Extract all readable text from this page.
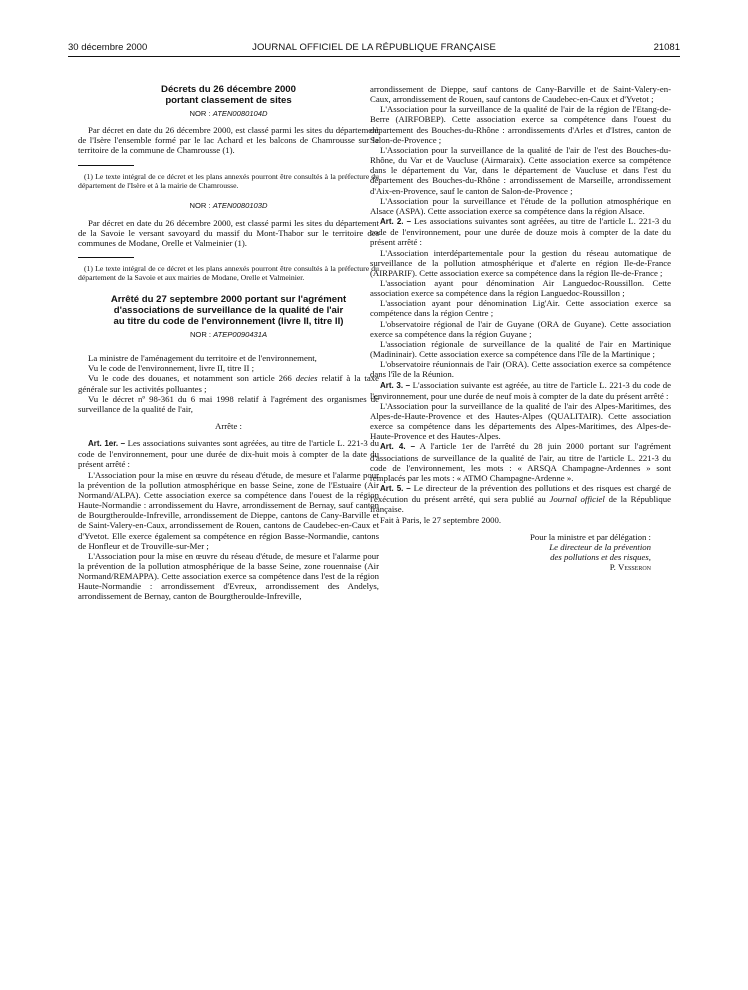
30 décembre 2000	JOURNAL OFFICIEL DE LA RÉPUBLIQUE FRANÇAISE	21081

Décrets du 26 décembre 2000

portant classement de sites

NOR : ATEN0080104D

Par décret en date du 26 décembre 2000, est classé parmi les sites du département de l'Isère l'ensemble formé par le lac Achard et les balcons de Chamrousse sur le territoire de la commune de Chamrousse (1).

(1) Le texte intégral de ce décret et les plans annexés pourront être consultés à la préfecture du département de l'Isère et à la mairie de Chamrousse.

NOR : ATEN0080103D

Par décret en date du 26 décembre 2000, est classé parmi les sites du département de la Savoie le versant savoyard du massif du Mont-Thabor sur le territoire des communes de Modane, Orelle et Valmeinier (1).

(1) Le texte intégral de ce décret et les plans annexés pourront être consultés à la préfecture du département de la Savoie et aux mairies de Modane, Orelle et Valmeinier.

Arrêté du 27 septembre 2000 portant sur l'agrément

d'associations de surveillance de la qualité de l'air

au titre du code de l'environnement (livre II, titre II)

NOR : ATEP0090431A

La ministre de l'aménagement du territoire et de l'environnement,

Vu le code de l'environnement, livre II, titre II ;

Vu le code des douanes, et notamment son article 266 decies relatif à la taxe générale sur les activités polluantes ;

Vu le décret nº 98-361 du 6 mai 1998 relatif à l'agrément des organismes de surveillance de la qualité de l'air,

Arrête :

Art. 1er. – Les associations suivantes sont agréées, au titre de l'article L. 221-3 du code de l'environnement, pour une durée de dix-huit mois à compter de la date du présent arrêté :

L'Association pour la mise en œuvre du réseau d'étude, de mesure et l'alarme pour la prévention de la pollution atmosphérique en basse Seine, zone de l'Estuaire (Air Normand/ALPA). Cette association exerce sa compétence dans l'ouest de la région Haute-Normandie : arrondissement du Havre, arrondissement de Bernay, sauf canton de Bourgtheroulde-Infreville, arrondissement de Dieppe, cantons de Cany-Barville et de Saint-Valery-en-Caux, arrondissement de Rouen, cantons de Caudebec-en-Caux et d'Yvetot. Elle exerce également sa compétence en région Basse-Normandie, cantons de Honfleur et de Trouville-sur-Mer ;

L'Association pour la mise en œuvre du réseau d'étude, de mesure et l'alarme pour la prévention de la pollution atmosphérique de la basse Seine, zone rouennaise (Air Normand/REMAPPA). Cette association exerce sa compétence dans l'est de la région Haute-Normandie : arrondissement d'Evreux, arrondissement des Andelys, arrondissement de Bernay, canton de Bourgtheroulde-Infreville,

arrondissement de Dieppe, sauf cantons de Cany-Barville et de Saint-Valery-en-Caux, arrondissement de Rouen, sauf cantons de Caudebec-en-Caux et d'Yvetot ;

L'Association pour la surveillance de la qualité de l'air de la région de l'Etang-de-Berre (AIRFOBEP). Cette association exerce sa compétence dans l'ouest du département des Bouches-du-Rhône : arrondissements d'Arles et d'Istres, canton de Salon-de-Provence ;

L'Association pour la surveillance de la qualité de l'air de l'est des Bouches-du-Rhône, du Var et de Vaucluse (Airmaraix). Cette association exerce sa compétence dans le département du Var, dans le département de Vaucluse et dans l'est du département des Bouches-du-Rhône : arrondissement de Marseille, arrondissement d'Aix-en-Provence, sauf le canton de Salon-de-Provence ;

L'Association pour la surveillance et l'étude de la pollution atmosphérique en Alsace (ASPA). Cette association exerce sa compétence dans la région Alsace.

Art. 2. – Les associations suivantes sont agréées, au titre de l'article L. 221-3 du code de l'environnement, pour une durée de douze mois à compter de la date du présent arrêté :

L'Association interdépartementale pour la gestion du réseau automatique de surveillance de la pollution atmosphérique et d'alerte en région Ile-de-France (AIRPARIF). Cette association exerce sa compétence dans la région Ile-de-France ;

L'association ayant pour dénomination Air Languedoc-Roussillon. Cette association exerce sa compétence dans la région Languedoc-Roussillon ;

L'association ayant pour dénomination Lig'Air. Cette association exerce sa compétence dans la région Centre ;

L'observatoire régional de l'air de Guyane (ORA de Guyane). Cette association exerce sa compétence dans la région Guyane ;

L'association régionale de surveillance de la qualité de l'air en Martinique (Madininair). Cette association exerce sa compétence dans l'île de la Martinique ;

L'observatoire réunionnais de l'air (ORA). Cette association exerce sa compétence dans l'île de la Réunion.

Art. 3. – L'association suivante est agréée, au titre de l'article L. 221-3 du code de l'environnement, pour une durée de neuf mois à compter de la date du présent arrêté :

L'Association pour la surveillance de la qualité de l'air des Alpes-Maritimes, des Alpes-de-Haute-Provence et des Hautes-Alpes (QUALITAIR). Cette association exerce sa compétence dans les départements des Alpes-Maritimes, des Alpes-de-Haute-Provence et des Hautes-Alpes.

Art. 4. – A l'article 1er de l'arrêté du 28 juin 2000 portant sur l'agrément d'associations de surveillance de la qualité de l'air, au titre de l'article L. 221-3 du code de l'environnement, les mots : « ARSQA Champagne-Ardennes » sont remplacés par les mots : « ATMO Champagne-Ardenne ».

Art. 5. – Le directeur de la prévention des pollutions et des risques est chargé de l'exécution du présent arrêté, qui sera publié au Journal officiel de la République française.

Fait à Paris, le 27 septembre 2000.

Pour la ministre et par délégation :

Le directeur de la prévention

des pollutions et des risques,

P. Vesseron
